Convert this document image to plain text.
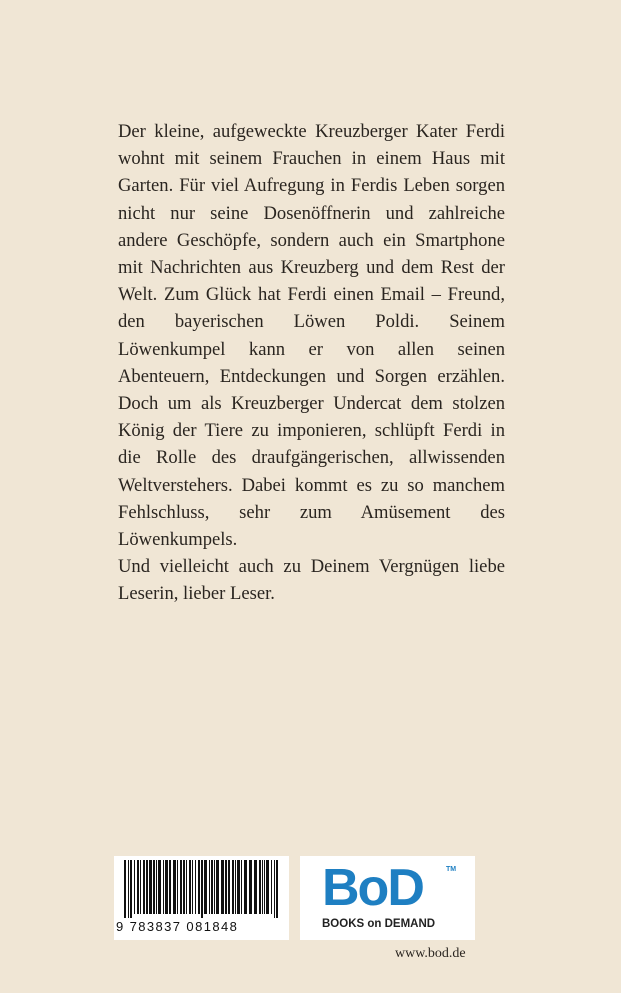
Der kleine, aufgeweckte Kreuzberger Kater Ferdi wohnt mit seinem Frauchen in einem Haus mit Garten. Für viel Aufregung in Ferdis Leben sorgen nicht nur seine Dosenöffnerin und zahlreiche andere Geschöpfe, sondern auch ein Smartphone mit Nachrichten aus Kreuzberg und dem Rest der Welt. Zum Glück hat Ferdi einen Email – Freund, den bayerischen Löwen Poldi. Seinem Löwenkumpel kann er von allen seinen Abenteuern, Entdeckungen und Sorgen erzählen. Doch um als Kreuzberger Undercat dem stolzen König der Tiere zu imponieren, schlüpft Ferdi in die Rolle des draufgängerischen, allwissenden Weltverstehers. Dabei kommt es zu so manchem Fehlschluss, sehr zum Amüsement des Löwenkumpels.

Und vielleicht auch zu Deinem Vergnügen liebe Leserin, lieber Leser.

9 783837 081848
BoD	TM
BOOKS on DEMAND
www.bod.de
